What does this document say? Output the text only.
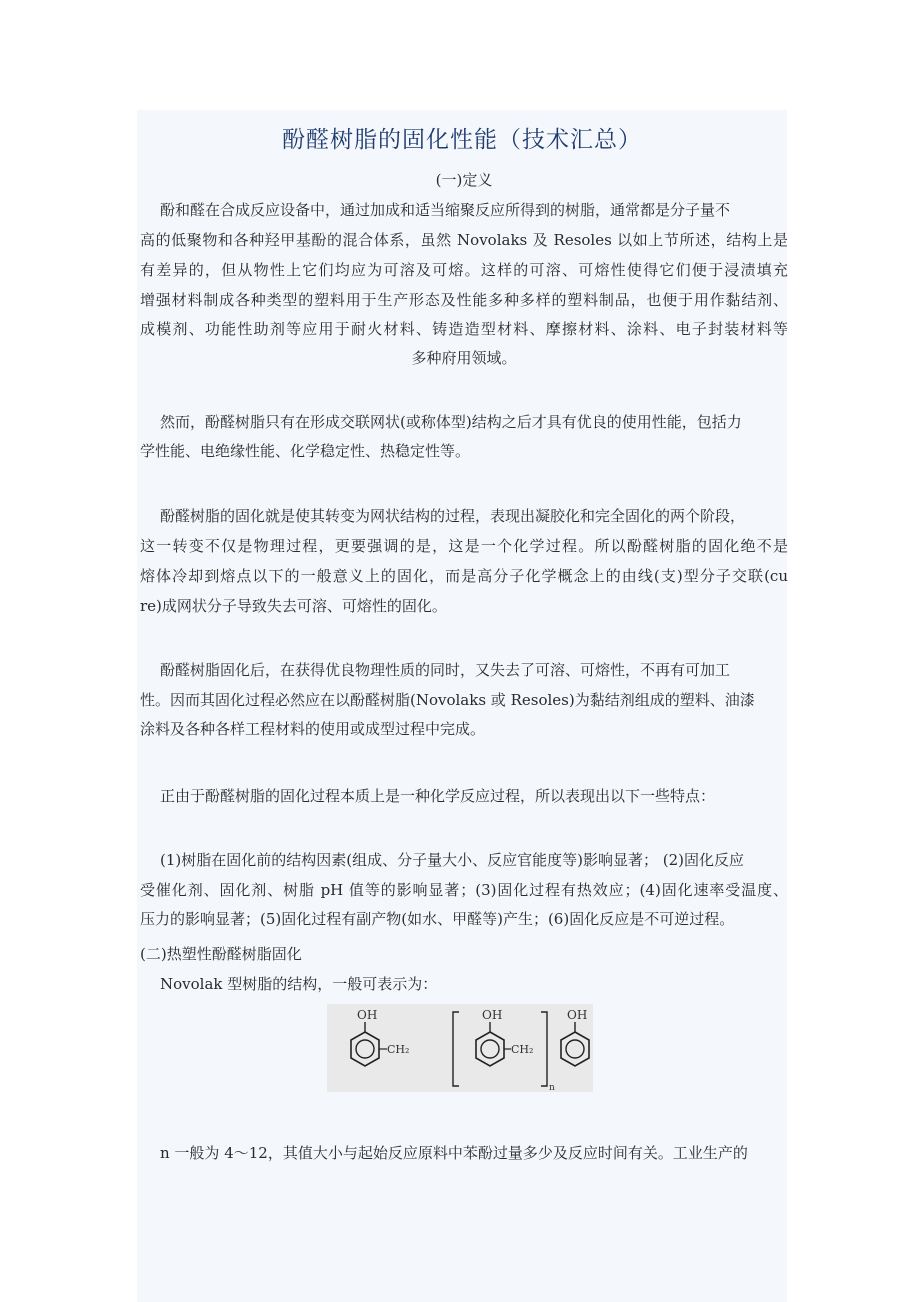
酚醛树脂的固化性能（技术汇总）
(一)定义
酚和醛在合成反应设备中，通过加成和适当缩聚反应所得到的树脂，通常都是分子量不
高的低聚物和各种羟甲基酚的混合体系，虽然 Novolaks 及 Resoles 以如上节所述，结构上是
有差异的，但从物性上它们均应为可溶及可熔。这样的可溶、可熔性使得它们便于浸渍填充
增强材料制成各种类型的塑料用于生产形态及性能多种多样的塑料制品，也便于用作黏结剂、
成模剂、功能性助剂等应用于耐火材料、铸造造型材料、摩擦材料、涂料、电子封装材料等
多种府用领域。
然而，酚醛树脂只有在形成交联网状(或称体型)结构之后才具有优良的使用性能，包括力
学性能、电绝缘性能、化学稳定性、热稳定性等。
酚醛树脂的固化就是使其转变为网状结构的过程，表现出凝胶化和完全固化的两个阶段，
这一转变不仅是物理过程，更要强调的是，这是一个化学过程。所以酚醛树脂的固化绝不是
熔体冷却到熔点以下的一般意义上的固化，而是高分子化学概念上的由线(支)型分子交联(cu
re)成网状分子导致失去可溶、可熔性的固化。
酚醛树脂固化后，在获得优良物理性质的同时，又失去了可溶、可熔性，不再有可加工
性。因而其固化过程必然应在以酚醛树脂(Novolaks 或 Resoles)为黏结剂组成的塑料、油漆
涂料及各种各样工程材料的使用或成型过程中完成。
正由于酚醛树脂的固化过程本质上是一种化学反应过程，所以表现出以下一些特点：
(1)树脂在固化前的结构因素(组成、分子量大小、反应官能度等)影响显著； (2)固化反应
受催化剂、固化剂、树脂 pH 值等的影响显著；(3)固化过程有热效应；(4)固化速率受温度、
压力的影响显著；(5)固化过程有副产物(如水、甲醛等)产生；(6)固化反应是不可逆过程。
(二)热塑性酚醛树脂固化
Novolak 型树脂的结构，一般可表示为：
OH
CH₂
OH
CH₂
n
OH
n 一般为 4～12，其值大小与起始反应原料中苯酚过量多少及反应时间有关。工业生产的
